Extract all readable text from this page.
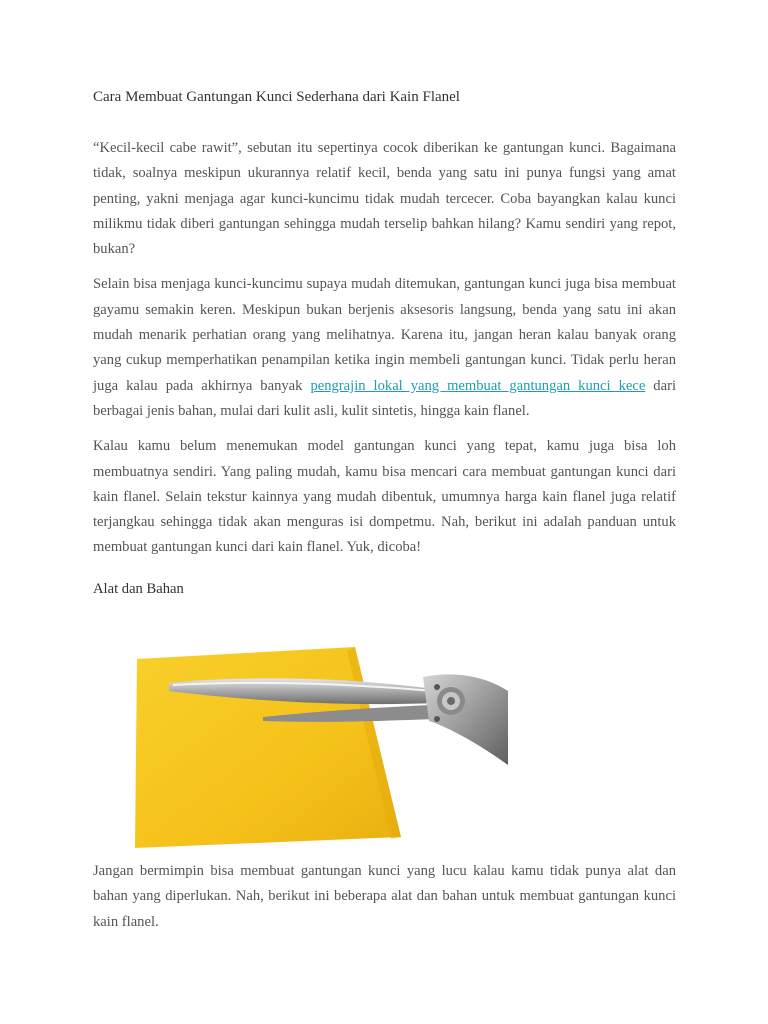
Cara Membuat Gantungan Kunci Sederhana dari Kain Flanel

“Kecil-kecil cabe rawit”, sebutan itu sepertinya cocok diberikan ke gantungan kunci. Bagaimana tidak, soalnya meskipun ukurannya relatif kecil, benda yang satu ini punya fungsi yang amat penting, yakni menjaga agar kunci-kuncimu tidak mudah tercecer. Coba bayangkan kalau kunci milikmu tidak diberi gantungan sehingga mudah terselip bahkan hilang? Kamu sendiri yang repot, bukan?

Selain bisa menjaga kunci-kuncimu supaya mudah ditemukan, gantungan kunci juga bisa membuat gayamu semakin keren. Meskipun bukan berjenis aksesoris langsung, benda yang satu ini akan mudah menarik perhatian orang yang melihatnya. Karena itu, jangan heran kalau banyak orang yang cukup memperhatikan penampilan ketika ingin membeli gantungan kunci. Tidak perlu heran juga kalau pada akhirnya banyak pengrajin lokal yang membuat gantungan kunci kece dari berbagai jenis bahan, mulai dari kulit asli, kulit sintetis, hingga kain flanel.

Kalau kamu belum menemukan model gantungan kunci yang tepat, kamu juga bisa loh membuatnya sendiri. Yang paling mudah, kamu bisa mencari cara membuat gantungan kunci dari kain flanel. Selain tekstur kainnya yang mudah dibentuk, umumnya harga kain flanel juga relatif terjangkau sehingga tidak akan menguras isi dompetmu. Nah, berikut ini adalah panduan untuk membuat gantungan kunci dari kain flanel. Yuk, dicoba!

Alat dan Bahan

Jangan bermimpin bisa membuat gantungan kunci yang lucu kalau kamu tidak punya alat dan bahan yang diperlukan. Nah, berikut ini beberapa alat dan bahan untuk membuat gantungan kunci kain flanel.
